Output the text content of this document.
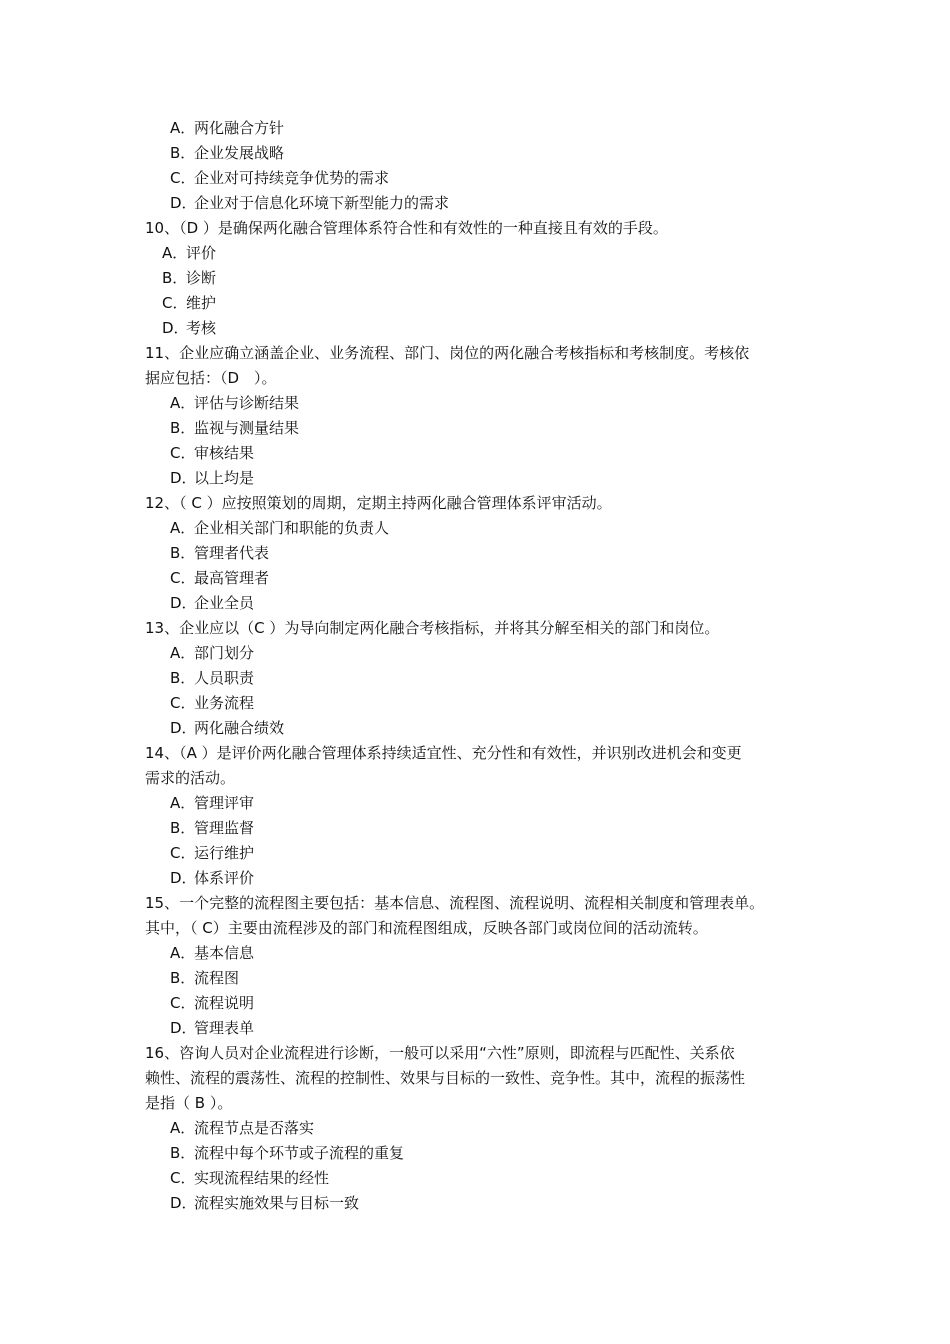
A．两化融合方针
B．企业发展战略
C．企业对可持续竞争优势的需求
D．企业对于信息化环境下新型能力的需求
10、（D ）是确保两化融合管理体系符合性和有效性的一种直接且有效的手段。
A．评价
B．诊断
C．维护
D．考核
11、企业应确立涵盖企业、业务流程、部门、岗位的两化融合考核指标和考核制度。考核依
据应包括：（D　）。
A．评估与诊断结果
B．监视与测量结果
C．审核结果
D．以上均是
12、（ C ）应按照策划的周期，定期主持两化融合管理体系评审活动。
A．企业相关部门和职能的负责人
B．管理者代表
C．最高管理者
D．企业全员
13、企业应以（C ）为导向制定两化融合考核指标，并将其分解至相关的部门和岗位。
A．部门划分
B．人员职责
C．业务流程
D．两化融合绩效
14、（A ）是评价两化融合管理体系持续适宜性、充分性和有效性，并识别改进机会和变更
需求的活动。
A．管理评审
B．管理监督
C．运行维护
D．体系评价
15、一个完整的流程图主要包括：基本信息、流程图、流程说明、流程相关制度和管理表单。
其中，（ C）主要由流程涉及的部门和流程图组成，反映各部门或岗位间的活动流转。
A．基本信息
B．流程图
C．流程说明
D．管理表单
16、咨询人员对企业流程进行诊断，一般可以采用“六性”原则，即流程与匹配性、关系依
赖性、流程的震荡性、流程的控制性、效果与目标的一致性、竞争性。其中，流程的振荡性
是指（ B ）。
A．流程节点是否落实
B．流程中每个环节或子流程的重复
C．实现流程结果的经性
D．流程实施效果与目标一致
